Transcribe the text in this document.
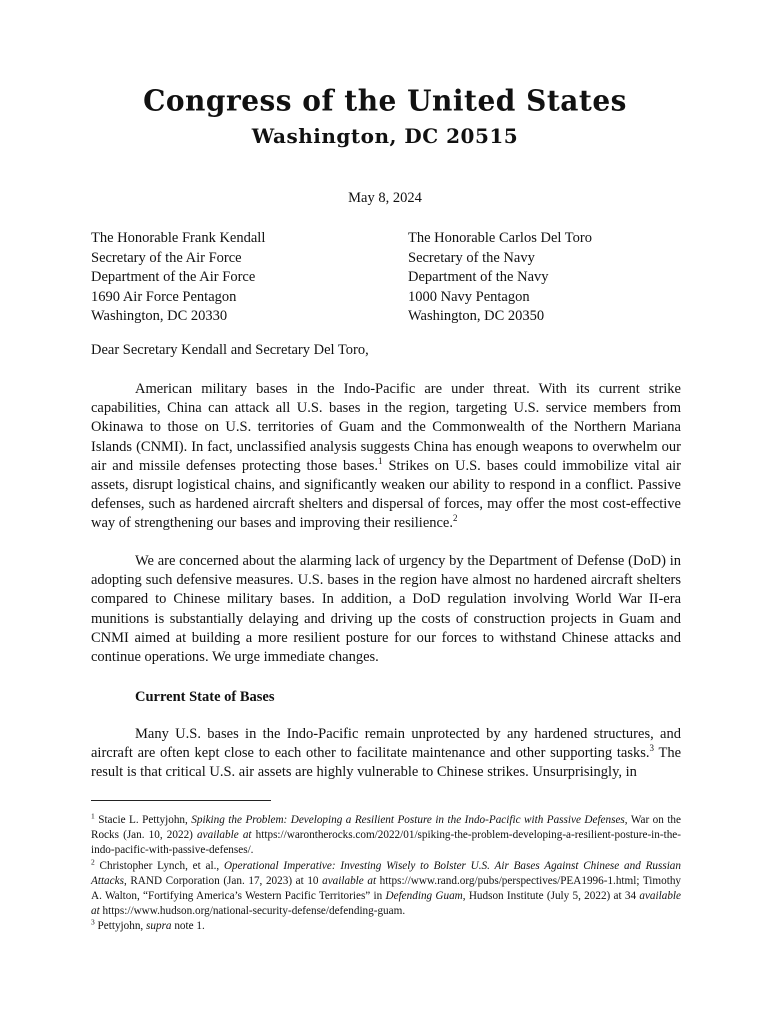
Congress of the United States
Washington, DC 20515
May 8, 2024
The Honorable Frank Kendall
Secretary of the Air Force
Department of the Air Force
1690 Air Force Pentagon
Washington, DC 20330
The Honorable Carlos Del Toro
Secretary of the Navy
Department of the Navy
1000 Navy Pentagon
Washington, DC 20350
Dear Secretary Kendall and Secretary Del Toro,

American military bases in the Indo-Pacific are under threat. With its current strike capabilities, China can attack all U.S. bases in the region, targeting U.S. service members from Okinawa to those on U.S. territories of Guam and the Commonwealth of the Northern Mariana Islands (CNMI). In fact, unclassified analysis suggests China has enough weapons to overwhelm our air and missile defenses protecting those bases.$^1$ Strikes on U.S. bases could immobilize vital air assets, disrupt logistical chains, and significantly weaken our ability to respond in a conflict. Passive defenses, such as hardened aircraft shelters and dispersal of forces, may offer the most cost-effective way of strengthening our bases and improving their resilience.$^2$

We are concerned about the alarming lack of urgency by the Department of Defense (DoD) in adopting such defensive measures. U.S. bases in the region have almost no hardened aircraft shelters compared to Chinese military bases. In addition, a DoD regulation involving World War II-era munitions is substantially delaying and driving up the costs of construction projects in Guam and CNMI aimed at building a more resilient posture for our forces to withstand Chinese attacks and continue operations. We urge immediate changes.

Current State of Bases

Many U.S. bases in the Indo-Pacific remain unprotected by any hardened structures, and aircraft are often kept close to each other to facilitate maintenance and other supporting tasks.$^3$ The result is that critical U.S. air assets are highly vulnerable to Chinese strikes. Unsurprisingly, in

$^1$ Stacie L. Pettyjohn, Spiking the Problem: Developing a Resilient Posture in the Indo-Pacific with Passive Defenses, War on the Rocks (Jan. 10, 2022) available at https://warontherocks.com/2022/01/spiking-the-problem-developing-a-resilient-posture-in-the-indo-pacific-with-passive-defenses/.

$^2$ Christopher Lynch, et al., Operational Imperative: Investing Wisely to Bolster U.S. Air Bases Against Chinese and Russian Attacks, RAND Corporation (Jan. 17, 2023) at 10 available at https://www.rand.org/pubs/perspectives/PEA1996-1.html; Timothy A. Walton, “Fortifying America’s Western Pacific Territories” in Defending Guam, Hudson Institute (July 5, 2022) at 34 available at https://www.hudson.org/national-security-defense/defending-guam.

$^3$ Pettyjohn, supra note 1.
